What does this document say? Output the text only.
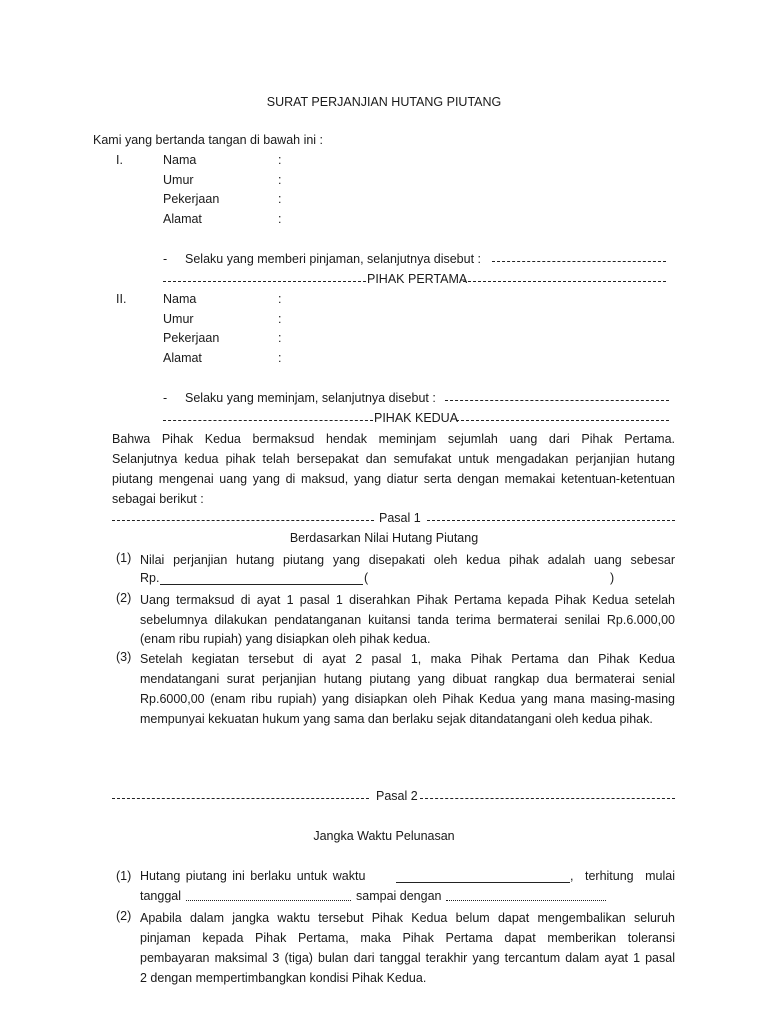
SURAT PERJANJIAN HUTANG PIUTANG
Kami yang bertanda tangan di bawah ini :
I.	Nama	:
Umur	:
Pekerjaan	:
Alamat	:
- Selaku yang memberi pinjaman, selanjutnya disebut :
PIHAK PERTAMA
II.	Nama	:
Umur	:
Pekerjaan	:
Alamat	:
- Selaku yang meminjam, selanjutnya disebut :
PIHAK KEDUA
Bahwa Pihak Kedua bermaksud hendak meminjam sejumlah uang dari Pihak Pertama.
Selanjutnya kedua pihak telah bersepakat dan semufakat untuk mengadakan perjanjian hutang
piutang mengenai uang yang di maksud, yang diatur serta dengan memakai ketentuan-ketentuan
sebagai berikut :
Pasal 1
Berdasarkan Nilai Hutang Piutang
(1) Nilai perjanjian hutang piutang yang disepakati oleh kedua pihak adalah uang sebesar
Rp.	(	)
(2) Uang termaksud di ayat 1 pasal 1 diserahkan Pihak Pertama kepada Pihak Kedua setelah
sebelumnya dilakukan pendatanganan kuitansi tanda terima bermaterai senilai Rp.6.000,00
(enam ribu rupiah) yang disiapkan oleh pihak kedua.
(3) Setelah kegiatan tersebut di ayat 2 pasal 1, maka Pihak Pertama dan Pihak Kedua
mendatangani surat perjanjian hutang piutang yang dibuat rangkap dua bermaterai senial
Rp.6000,00 (enam ribu rupiah) yang disiapkan oleh Pihak Kedua yang mana masing-masing
mempunyai kekuatan hukum yang sama dan berlaku sejak ditandatangani oleh kedua pihak.
Pasal 2
Jangka Waktu Pelunasan
(1) Hutang piutang ini berlaku untuk waktu	, terhitung mulai
tanggal	sampai dengan
(2) Apabila dalam jangka waktu tersebut Pihak Kedua belum dapat mengembalikan seluruh
pinjaman kepada Pihak Pertama, maka Pihak Pertama dapat memberikan toleransi
pembayaran maksimal 3 (tiga) bulan dari tanggal terakhir yang tercantum dalam ayat 1 pasal
2 dengan mempertimbangkan kondisi Pihak Kedua.
